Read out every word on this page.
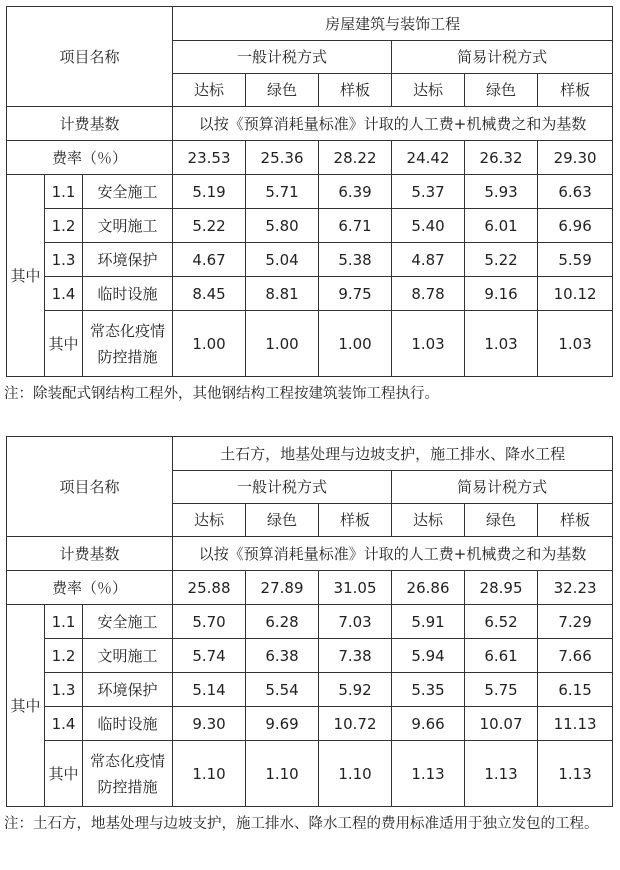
项目名称			房屋建筑与装饰工程					
			一般计税方式			简易计税方式		
			达标	绿色	样板	达标	绿色	样板
计费基数			以按《预算消耗量标准》计取的人工费+机械费之和为基数					
费率（％）			23.53	25.36	28.22	24.42	26.32	29.30
其中	1.1	安全施工	5.19	5.71	6.39	5.37	5.93	6.63
	1.2	文明施工	5.22	5.80	6.71	5.40	6.01	6.96
	1.3	环境保护	4.67	5.04	5.38	4.87	5.22	5.59
	1.4	临时设施	8.45	8.81	9.75	8.78	9.16	10.12
	其中	常态化疫情防控措施	1.00	1.00	1.00	1.03	1.03	1.03
注：除装配式钢结构工程外，其他钢结构工程按建筑装饰工程执行。
项目名称			土石方，地基处理与边坡支护，施工排水、降水工程					
			一般计税方式			简易计税方式		
			达标	绿色	样板	达标	绿色	样板
计费基数			以按《预算消耗量标准》计取的人工费+机械费之和为基数					
费率（％）			25.88	27.89	31.05	26.86	28.95	32.23
其中	1.1	安全施工	5.70	6.28	7.03	5.91	6.52	7.29
	1.2	文明施工	5.74	6.38	7.38	5.94	6.61	7.66
	1.3	环境保护	5.14	5.54	5.92	5.35	5.75	6.15
	1.4	临时设施	9.30	9.69	10.72	9.66	10.07	11.13
	其中	常态化疫情防控措施	1.10	1.10	1.10	1.13	1.13	1.13
注：土石方，地基处理与边坡支护，施工排水、降水工程的费用标准适用于独立发包的工程。
